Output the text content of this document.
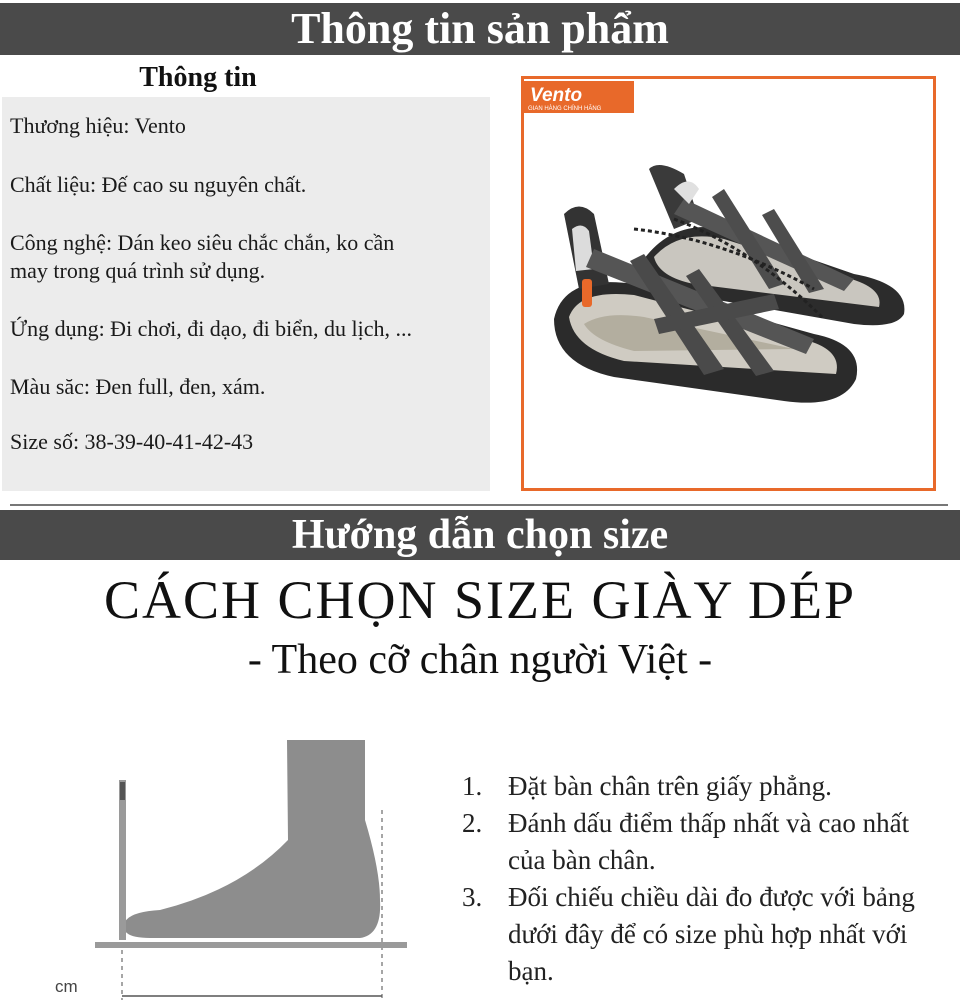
Thông tin sản phẩm
Thông tin
Thương hiệu: Vento
Chất liệu: Đế cao su nguyên chất.
Công nghệ: Dán keo siêu chắc chắn, ko cần
may trong quá trình sử dụng.
Ứng dụng: Đi chơi, đi dạo, đi biển, du lịch, ...
Màu săc: Đen full, đen, xám.
Size số: 38-39-40-41-42-43
Vento
GIAN HÀNG CHÍNH HÃNG
Hướng dẫn chọn size
CÁCH CHỌN SIZE GIÀY DÉP
- Theo cỡ chân người Việt -
cm
1. Đặt bàn chân trên giấy phẳng.
2. Đánh dấu điểm thấp nhất và cao nhất của bàn chân.
3. Đối chiếu chiều dài đo được với bảng dưới đây để có size phù hợp nhất với bạn.
